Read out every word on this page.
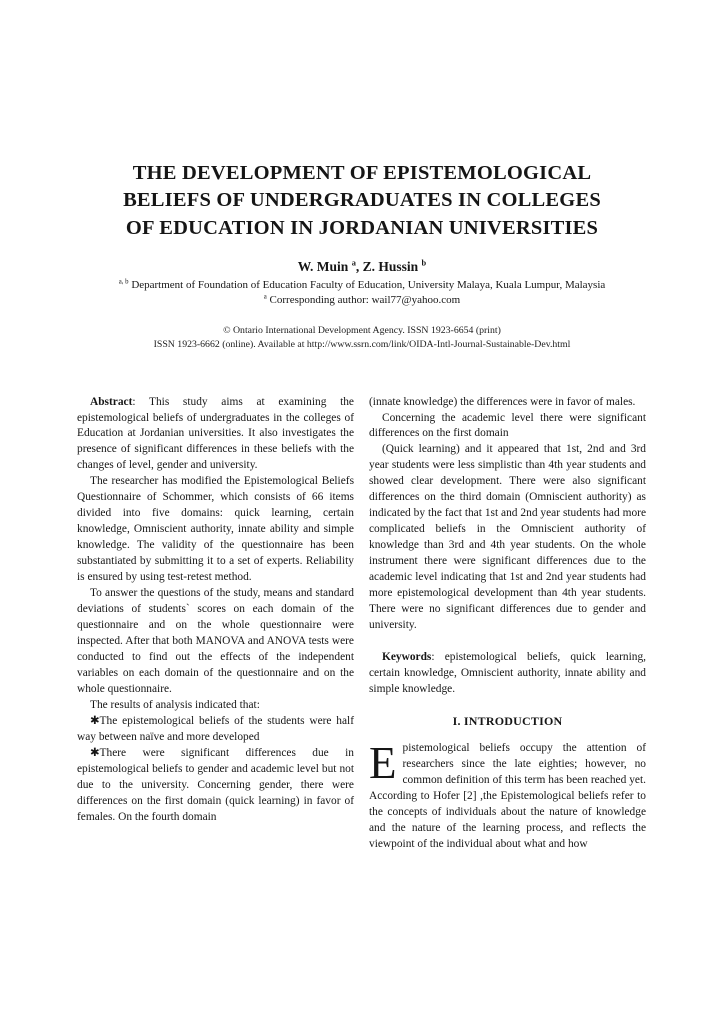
THE DEVELOPMENT OF EPISTEMOLOGICAL
BELIEFS OF UNDERGRADUATES IN COLLEGES
OF EDUCATION IN JORDANIAN UNIVERSITIES
W. Muin $^a$, Z. Hussin $^b$
$^{a, b}$ Department of Foundation of Education Faculty of Education, University Malaya, Kuala Lumpur, Malaysia
$^a$ Corresponding author: wail77@yahoo.com
© Ontario International Development Agency. ISSN 1923-6654 (print)
ISSN 1923-6662 (online). Available at http://www.ssrn.com/link/OIDA-Intl-Journal-Sustainable-Dev.html

Abstract: This study aims at examining the epistemological beliefs of undergraduates in the colleges of Education at Jordanian universities. It also investigates the presence of significant differences in these beliefs with the changes of level, gender and university.

The researcher has modified the Epistemological Beliefs Questionnaire of Schommer, which consists of 66 items divided into five domains: quick learning, certain knowledge, Omniscient authority, innate ability and simple knowledge. The validity of the questionnaire has been substantiated by submitting it to a set of experts. Reliability is ensured by using test-retest method.

To answer the questions of the study, means and standard deviations of students` scores on each domain of the questionnaire and on the whole questionnaire were inspected. After that both MANOVA and ANOVA tests were conducted to find out the effects of the independent variables on each domain of the questionnaire and on the whole questionnaire.

The results of analysis indicated that:

✱The epistemological beliefs of the students were half way between naïve and more developed

✱There were significant differences due in epistemological beliefs to gender and academic level but not due to the university. Concerning gender, there were differences on the first domain (quick learning) in favor of females. On the fourth domain

(innate knowledge) the differences were in favor of males.

Concerning the academic level there were significant differences on the first domain

(Quick learning) and it appeared that 1st, 2nd and 3rd year students were less simplistic than 4th year students and showed clear development. There were also significant differences on the third domain (Omniscient authority) as indicated by the fact that 1st and 2nd year students had more complicated beliefs in the Omniscient authority of knowledge than 3rd and 4th year students. On the whole instrument there were significant differences due to the academic level indicating that 1st and 2nd year students had more epistemological development than 4th year students. There were no significant differences due to gender and university.

Keywords: epistemological beliefs, quick learning, certain knowledge, Omniscient authority, innate ability and simple knowledge.

I. INTRODUCTION

Epistemological beliefs occupy the attention of researchers since the late eighties; however, no common definition of this term has been reached yet. According to Hofer [2] ,the Epistemological beliefs refer to the concepts of individuals about the nature of knowledge and the nature of the learning process, and reflects the viewpoint of the individual about what and how
